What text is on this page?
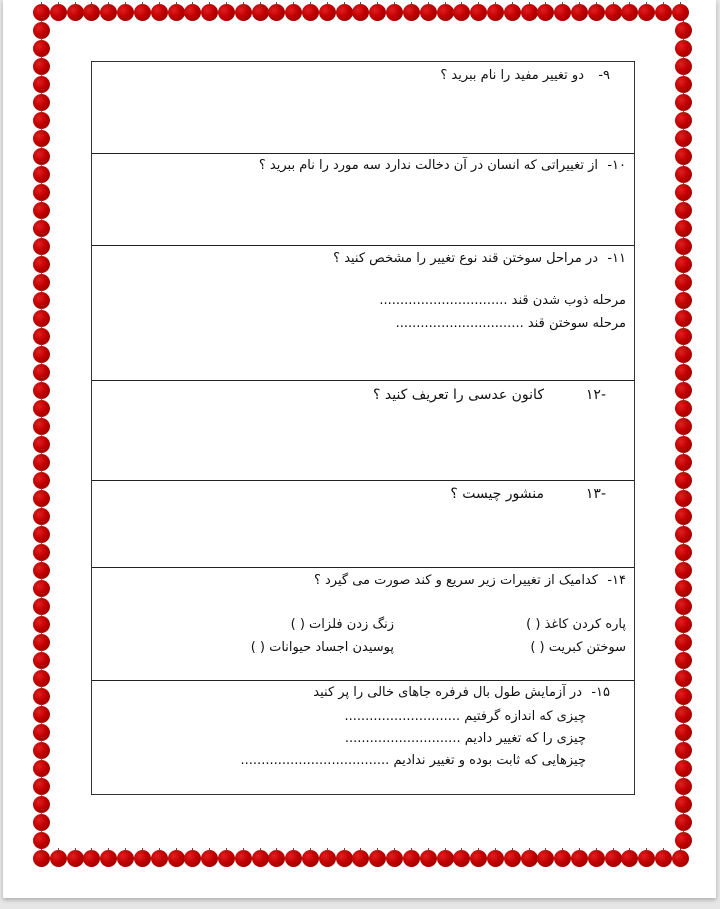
۹-
دو تغییر مفید را نام ببرید ؟
۱۰-
از تغییراتی که انسان در آن دخالت ندارد سه مورد را نام ببرید ؟
۱۱-
در مراحل سوختن قند نوع تغییر را مشخص کنید ؟
مرحله ذوب شدن قند ...............................
مرحله سوختن قند ...............................
-۱۲
کانون عدسی را تعریف کنید ؟
-۱۳
منشور چیست ؟
۱۴-
کدامیک از تغییرات زیر سریع و کند صورت می گیرد ؟
پاره کردن کاغذ ( )
زنگ زدن فلزات ( )
سوختن کبریت ( )
پوسیدن اجساد حیوانات ( )
۱۵-
در آزمایش طول بال فرفره جاهای خالی را پر کنید
چیزی که اندازه گرفتیم ............................
چیزی را که تغییر دادیم ............................
چیزهایی که ثابت بوده و تغییر ندادیم ....................................
